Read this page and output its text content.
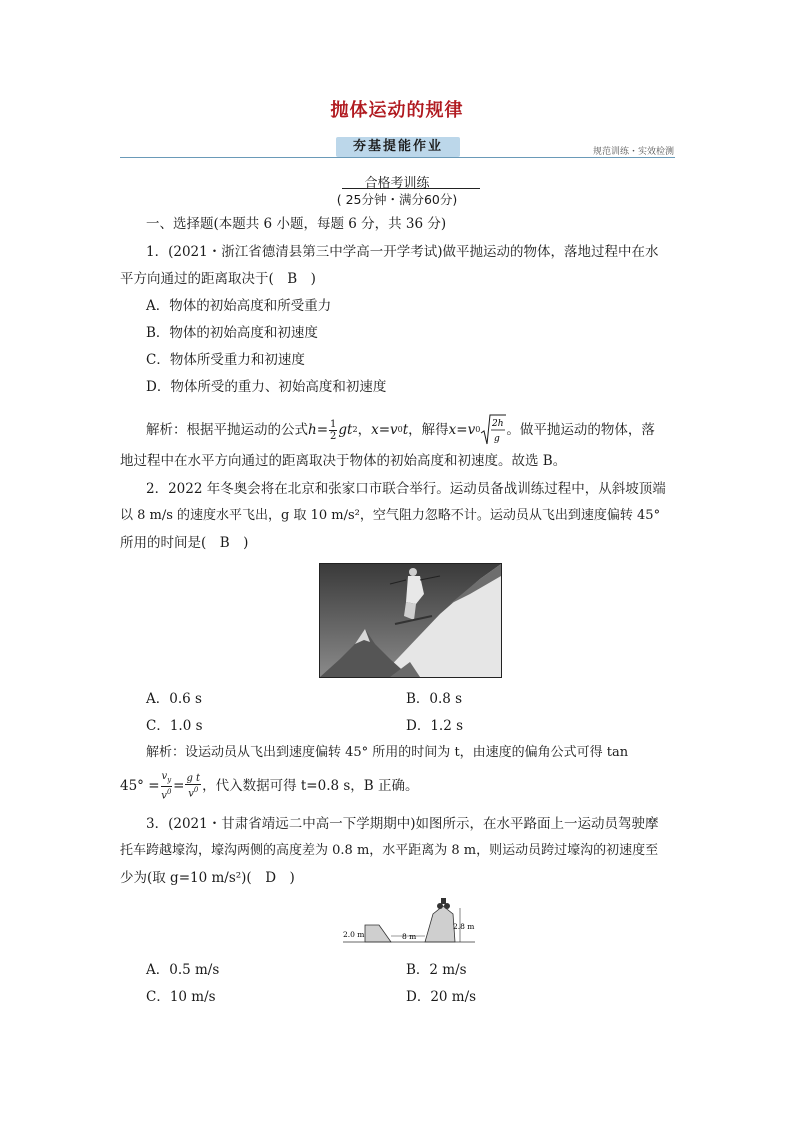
抛体运动的规律
夯基提能作业	规范训练・实效检测
合格考训练
( 25分钟・满分60分)
一、选择题(本题共 6 小题，每题 6 分，共 36 分)
1．(2021・浙江省德清县第三中学高一开学考试)做平抛运动的物体，落地过程中在水
平方向通过的距离取决于(　B　)
A．物体的初始高度和所受重力
B．物体的初始高度和初速度
C．物体所受重力和初速度
D．物体所受的重力、初始高度和初速度
解析：根据平抛运动的公式 $h = \frac{1}{2}$ gt 2 ， x = v 0 t ，解得 x = v 0
2h
g
。做平抛运动的物体，落
地过程中在水平方向通过的距离取决于物体的初始高度和初速度。故选 B。
2．2022 年冬奥会将在北京和张家口市联合举行。运动员备战训练过程中，从斜坡顶端
以 8 m/s 的速度水平飞出，g 取 10 m/s²，空气阻力忽略不计。运动员从飞出到速度偏转 45°
所用的时间是(　B　)
A．0.6 s	B．0.8 s
C．1.0 s	D．1.2 s
解析：设运动员从飞出到速度偏转 45° 所用的时间为 t，由速度的偏角公式可得 tan
$45^\circ = \frac{v_y}{v^0} = \frac{\text{g t}}{v^0}$ ，代入数据可得 t=0.8 s，B 正确。
3．(2021・甘肃省靖远二中高一下学期期中)如图所示，在水平路面上一运动员驾驶摩
托车跨越壕沟，壕沟两侧的高度差为 0.8 m，水平距离为 8 m，则运动员跨过壕沟的初速度至
少为(取 g=10 m/s²)(　D　)
2.0 m	8 m
2.8 m
A．0.5 m/s	B．2 m/s
C．10 m/s	D．20 m/s
